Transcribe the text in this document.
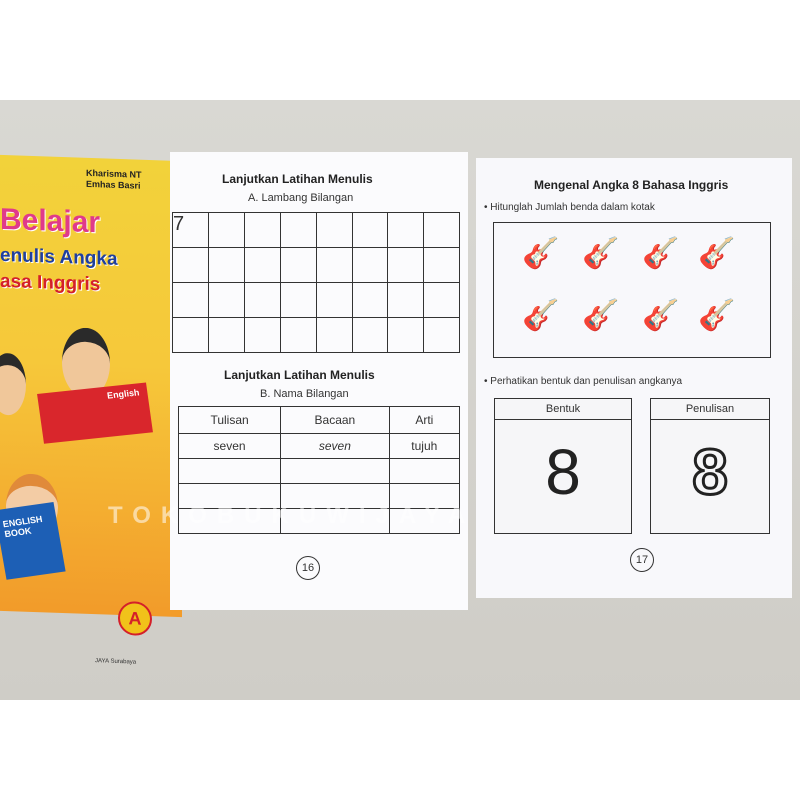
Kharisma NT
Emhas Basri
Belajar
enulis Angka
asa Inggris
English
ENGLISH BOOK
A
JAYA Surabaya
Lanjutkan Latihan Menulis
A. Lambang Bilangan
7							

Lanjutkan Latihan Menulis
B. Nama Bilangan
Tulisan	Bacaan	Arti
seven	seven	tujuh

16
Mengenal Angka 8 Bahasa Inggris
• Hitunglah Jumlah benda dalam kotak
🎸 🎸 🎸 🎸
🎸 🎸 🎸 🎸
• Perhatikan bentuk dan penulisan angkanya
Bentuk
8
Penulisan
8
17
TOKOBUKUWIJAYA
